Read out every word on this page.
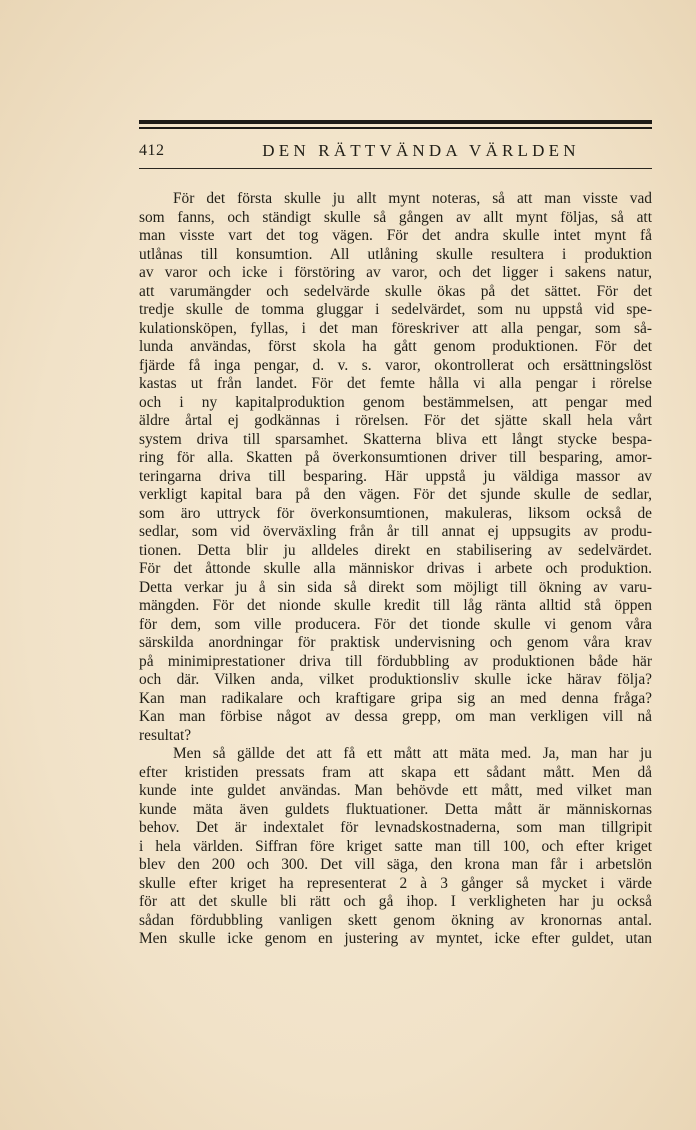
412	DEN RÄTTVÄNDA VÄRLDEN
För det första skulle ju allt mynt noteras, så att man visste vad
som fanns, och ständigt skulle så gången av allt mynt följas, så att
man visste vart det tog vägen. För det andra skulle intet mynt få
utlånas till konsumtion. All utlåning skulle resultera i produktion
av varor och icke i förstöring av varor, och det ligger i sakens natur,
att varumängder och sedelvärde skulle ökas på det sättet. För det
tredje skulle de tomma gluggar i sedelvärdet, som nu uppstå vid spe-
kulationsköpen, fyllas, i det man föreskriver att alla pengar, som så-
lunda användas, först skola ha gått genom produktionen. För det
fjärde få inga pengar, d. v. s. varor, okontrollerat och ersättningslöst
kastas ut från landet. För det femte hålla vi alla pengar i rörelse
och i ny kapitalproduktion genom bestämmelsen, att pengar med
äldre årtal ej godkännas i rörelsen. För det sjätte skall hela vårt
system driva till sparsamhet. Skatterna bliva ett långt stycke bespa-
ring för alla. Skatten på överkonsumtionen driver till besparing, amor-
teringarna driva till besparing. Här uppstå ju väldiga massor av
verkligt kapital bara på den vägen. För det sjunde skulle de sedlar,
som äro uttryck för överkonsumtionen, makuleras, liksom också de
sedlar, som vid överväxling från år till annat ej uppsugits av produ-
tionen. Detta blir ju alldeles direkt en stabilisering av sedelvärdet.
För det åttonde skulle alla människor drivas i arbete och produktion.
Detta verkar ju å sin sida så direkt som möjligt till ökning av varu-
mängden. För det nionde skulle kredit till låg ränta alltid stå öppen
för dem, som ville producera. För det tionde skulle vi genom våra
särskilda anordningar för praktisk undervisning och genom våra krav
på minimiprestationer driva till fördubbling av produktionen både här
och där. Vilken anda, vilket produktionsliv skulle icke härav följa?
Kan man radikalare och kraftigare gripa sig an med denna fråga?
Kan man förbise något av dessa grepp, om man verkligen vill nå
resultat?
Men så gällde det att få ett mått att mäta med. Ja, man har ju
efter kristiden pressats fram att skapa ett sådant mått. Men då
kunde inte guldet användas. Man behövde ett mått, med vilket man
kunde mäta även guldets fluktuationer. Detta mått är människornas
behov. Det är indextalet för levnadskostnaderna, som man tillgripit
i hela världen. Siffran före kriget satte man till 100, och efter kriget
blev den 200 och 300. Det vill säga, den krona man får i arbetslön
skulle efter kriget ha representerat 2 à 3 gånger så mycket i värde
för att det skulle bli rätt och gå ihop. I verkligheten har ju också
sådan fördubbling vanligen skett genom ökning av kronornas antal.
Men skulle icke genom en justering av myntet, icke efter guldet, utan
